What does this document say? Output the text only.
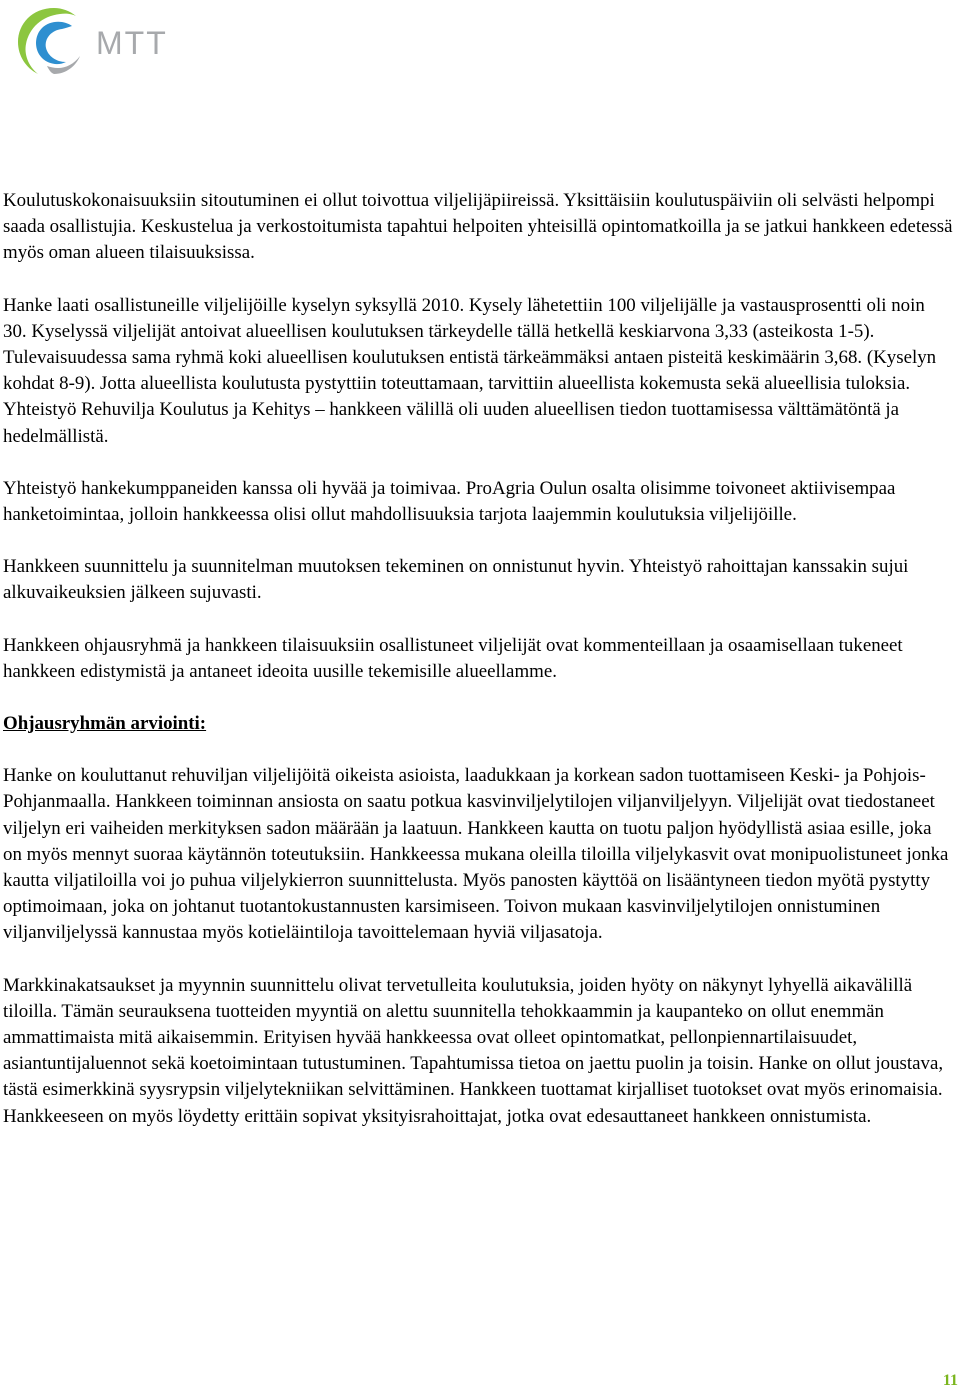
MTT

Koulutuskokonaisuuksiin sitoutuminen ei ollut toivottua viljelijäpiireissä. Yksittäisiin koulutuspäiviin oli selvästi helpompi saada osallistujia. Keskustelua ja verkostoitumista tapahtui helpoiten yhteisillä opintomatkoilla ja se jatkui hankkeen edetessä myös oman alueen tilaisuuksissa.

Hanke laati osallistuneille viljelijöille kyselyn syksyllä 2010. Kysely lähetettiin 100 viljelijälle ja vastausprosentti oli noin 30. Kyselyssä viljelijät antoivat alueellisen koulutuksen tärkeydelle tällä hetkellä keskiarvona 3,33 (asteikosta 1-5). Tulevaisuudessa sama ryhmä koki alueellisen koulutuksen entistä tärkeämmäksi antaen pisteitä keskimäärin 3,68. (Kyselyn kohdat 8-9). Jotta alueellista koulutusta pystyttiin toteuttamaan, tarvittiin alueellista kokemusta sekä alueellisia tuloksia. Yhteistyö Rehuvilja Koulutus ja Kehitys – hankkeen välillä oli uuden alueellisen tiedon tuottamisessa välttämätöntä ja hedelmällistä.

Yhteistyö hankekumppaneiden kanssa oli hyvää ja toimivaa. ProAgria Oulun osalta olisimme toivoneet aktiivisempaa hanketoimintaa, jolloin hankkeessa olisi ollut mahdollisuuksia tarjota laajemmin koulutuksia viljelijöille.

Hankkeen suunnittelu ja suunnitelman muutoksen tekeminen on onnistunut hyvin. Yhteistyö rahoittajan kanssakin sujui alkuvaikeuksien jälkeen sujuvasti.

Hankkeen ohjausryhmä ja hankkeen tilaisuuksiin osallistuneet viljelijät ovat kommenteillaan ja osaamisellaan tukeneet hankkeen edistymistä ja antaneet ideoita uusille tekemisille alueellamme.

Ohjausryhmän arviointi:

Hanke on kouluttanut rehuviljan viljelijöitä oikeista asioista, laadukkaan ja korkean sadon tuottamiseen Keski- ja Pohjois-Pohjanmaalla. Hankkeen toiminnan ansiosta on saatu potkua kasvinviljelytilojen viljanviljelyyn. Viljelijät ovat tiedostaneet viljelyn eri vaiheiden merkityksen sadon määrään ja laatuun. Hankkeen kautta on tuotu paljon hyödyllistä asiaa esille, joka on myös mennyt suoraa käytännön toteutuksiin. Hankkeessa mukana oleilla tiloilla viljelykasvit ovat monipuolistuneet jonka kautta viljatiloilla voi jo puhua viljelykierron suunnittelusta. Myös panosten käyttöä on lisääntyneen tiedon myötä pystytty optimoimaan, joka on johtanut tuotantokustannusten karsimiseen. Toivon mukaan kasvinviljelytilojen onnistuminen viljanviljelyssä kannustaa myös kotieläintiloja tavoittelemaan hyviä viljasatoja.

Markkinakatsaukset ja myynnin suunnittelu olivat tervetulleita koulutuksia, joiden hyöty on näkynyt lyhyellä aikavälillä tiloilla. Tämän seurauksena tuotteiden myyntiä on alettu suunnitella tehokkaammin ja kaupanteko on ollut enemmän ammattimaista mitä aikaisemmin. Erityisen hyvää hankkeessa ovat olleet opintomatkat, pellonpiennartilaisuudet, asiantuntijaluennot sekä koetoimintaan tutustuminen. Tapahtumissa tietoa on jaettu puolin ja toisin. Hanke on ollut joustava, tästä esimerkkinä syysrypsin viljelytekniikan selvittäminen. Hankkeen tuottamat kirjalliset tuotokset ovat myös erinomaisia. Hankkeeseen on myös löydetty erittäin sopivat yksityisrahoittajat, jotka ovat edesauttaneet hankkeen onnistumista.

11
